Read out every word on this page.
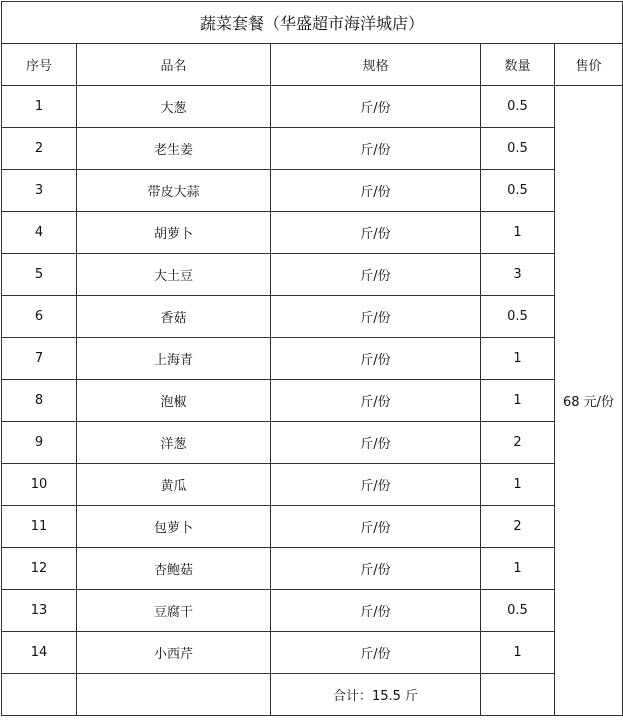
蔬菜套餐（华盛超市海洋城店）				
序号	品名	规格	数量	售价
1	大葱	斤/份	0.5	68 元/份
2	老生姜	斤/份	0.5	
3	带皮大蒜	斤/份	0.5	
4	胡萝卜	斤/份	1	
5	大土豆	斤/份	3	
6	香菇	斤/份	0.5	
7	上海青	斤/份	1	
8	泡椒	斤/份	1	
9	洋葱	斤/份	2	
10	黄瓜	斤/份	1	
11	包萝卜	斤/份	2	
12	杏鲍菇	斤/份	1	
13	豆腐干	斤/份	0.5	
14	小西芹	斤/份	1	
		合计：15.5 斤		
